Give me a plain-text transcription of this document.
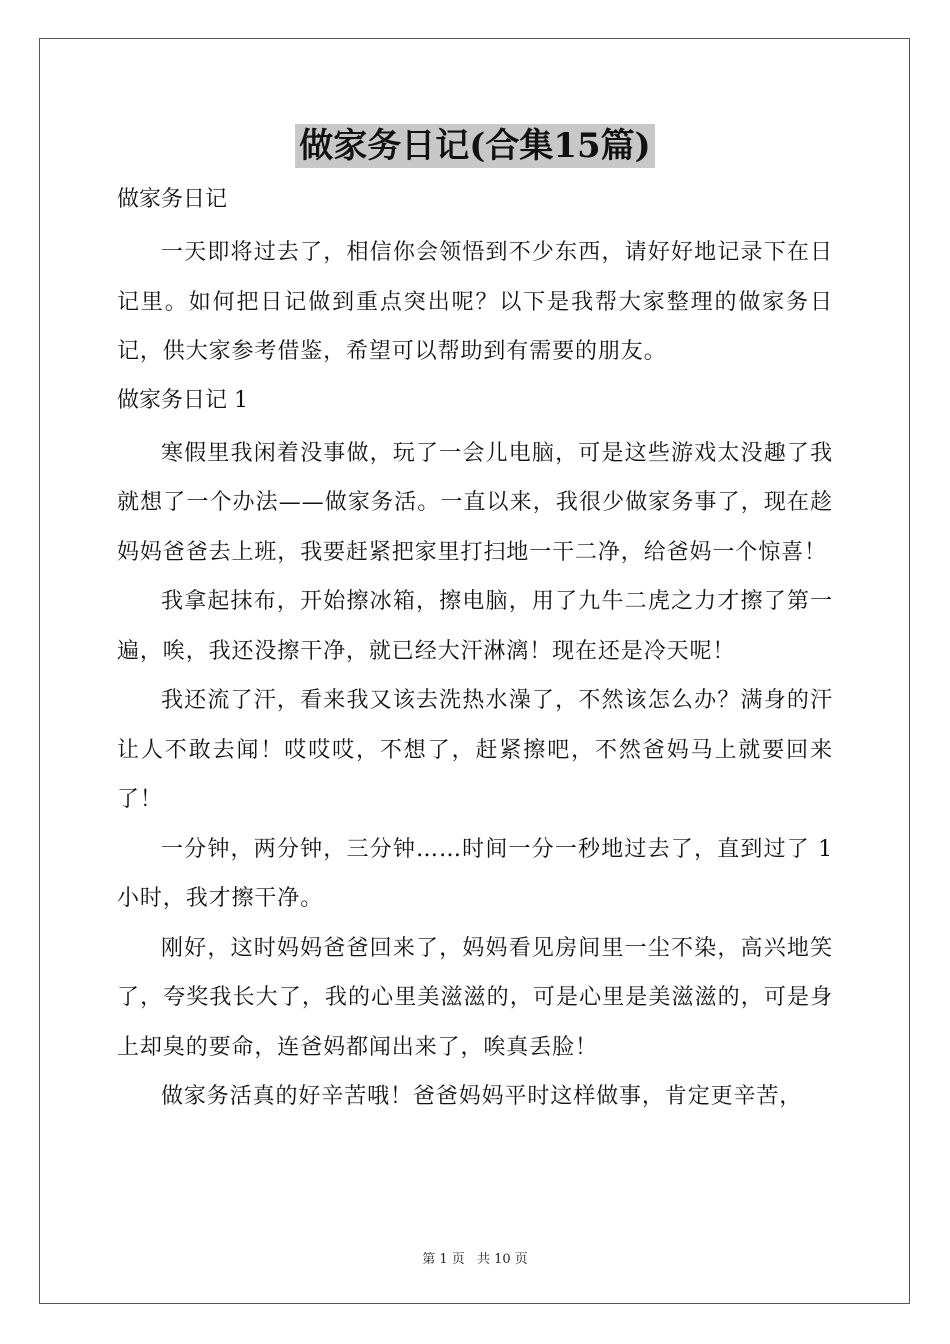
做家务日记(合集15篇)
做家务日记

一天即将过去了，相信你会领悟到不少东西，请好好地记录下在日记里。如何把日记做到重点突出呢？以下是我帮大家整理的做家务日记，供大家参考借鉴，希望可以帮助到有需要的朋友。

做家务日记 1

寒假里我闲着没事做，玩了一会儿电脑，可是这些游戏太没趣了我就想了一个办法——做家务活。一直以来，我很少做家务事了，现在趁妈妈爸爸去上班，我要赶紧把家里打扫地一干二净，给爸妈一个惊喜！

我拿起抹布，开始擦冰箱，擦电脑，用了九牛二虎之力才擦了第一遍，唉，我还没擦干净，就已经大汗淋漓！现在还是冷天呢！

我还流了汗，看来我又该去洗热水澡了，不然该怎么办？满身的汗让人不敢去闻！哎哎哎，不想了，赶紧擦吧，不然爸妈马上就要回来了！

一分钟，两分钟，三分钟……时间一分一秒地过去了，直到过了 1 小时，我才擦干净。

刚好，这时妈妈爸爸回来了，妈妈看见房间里一尘不染，高兴地笑了，夸奖我长大了，我的心里美滋滋的，可是心里是美滋滋的，可是身上却臭的要命，连爸妈都闻出来了，唉真丢脸！

做家务活真的好辛苦哦！爸爸妈妈平时这样做事，肯定更辛苦，

第 1 页 共 10 页
